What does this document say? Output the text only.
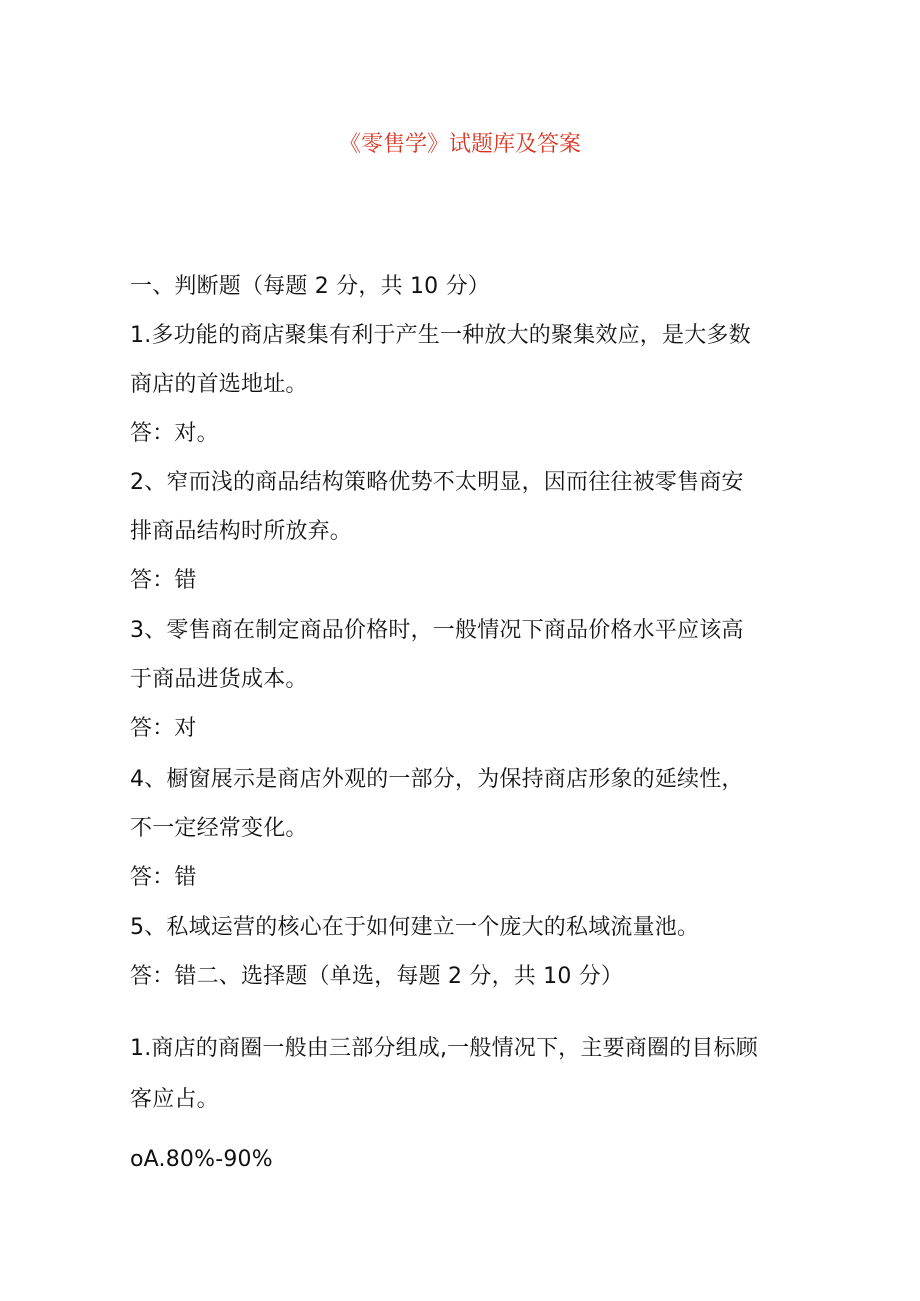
《零售学》试题库及答案
一、判断题（每题 2 分，共 10 分）
1.多功能的商店聚集有利于产生一种放大的聚集效应，是大多数
商店的首选地址。
答：对。
2、窄而浅的商品结构策略优势不太明显，因而往往被零售商安
排商品结构时所放弃。
答：错
3、零售商在制定商品价格时，一般情况下商品价格水平应该高
于商品进货成本。
答：对
4、橱窗展示是商店外观的一部分，为保持商店形象的延续性，
不一定经常变化。
答：错
5、私域运营的核心在于如何建立一个庞大的私域流量池。
答：错二、选择题（单选，每题 2 分，共 10 分）
1.商店的商圈一般由三部分组成,一般情况下，主要商圈的目标顾
客应占。
oA.80%-90%
